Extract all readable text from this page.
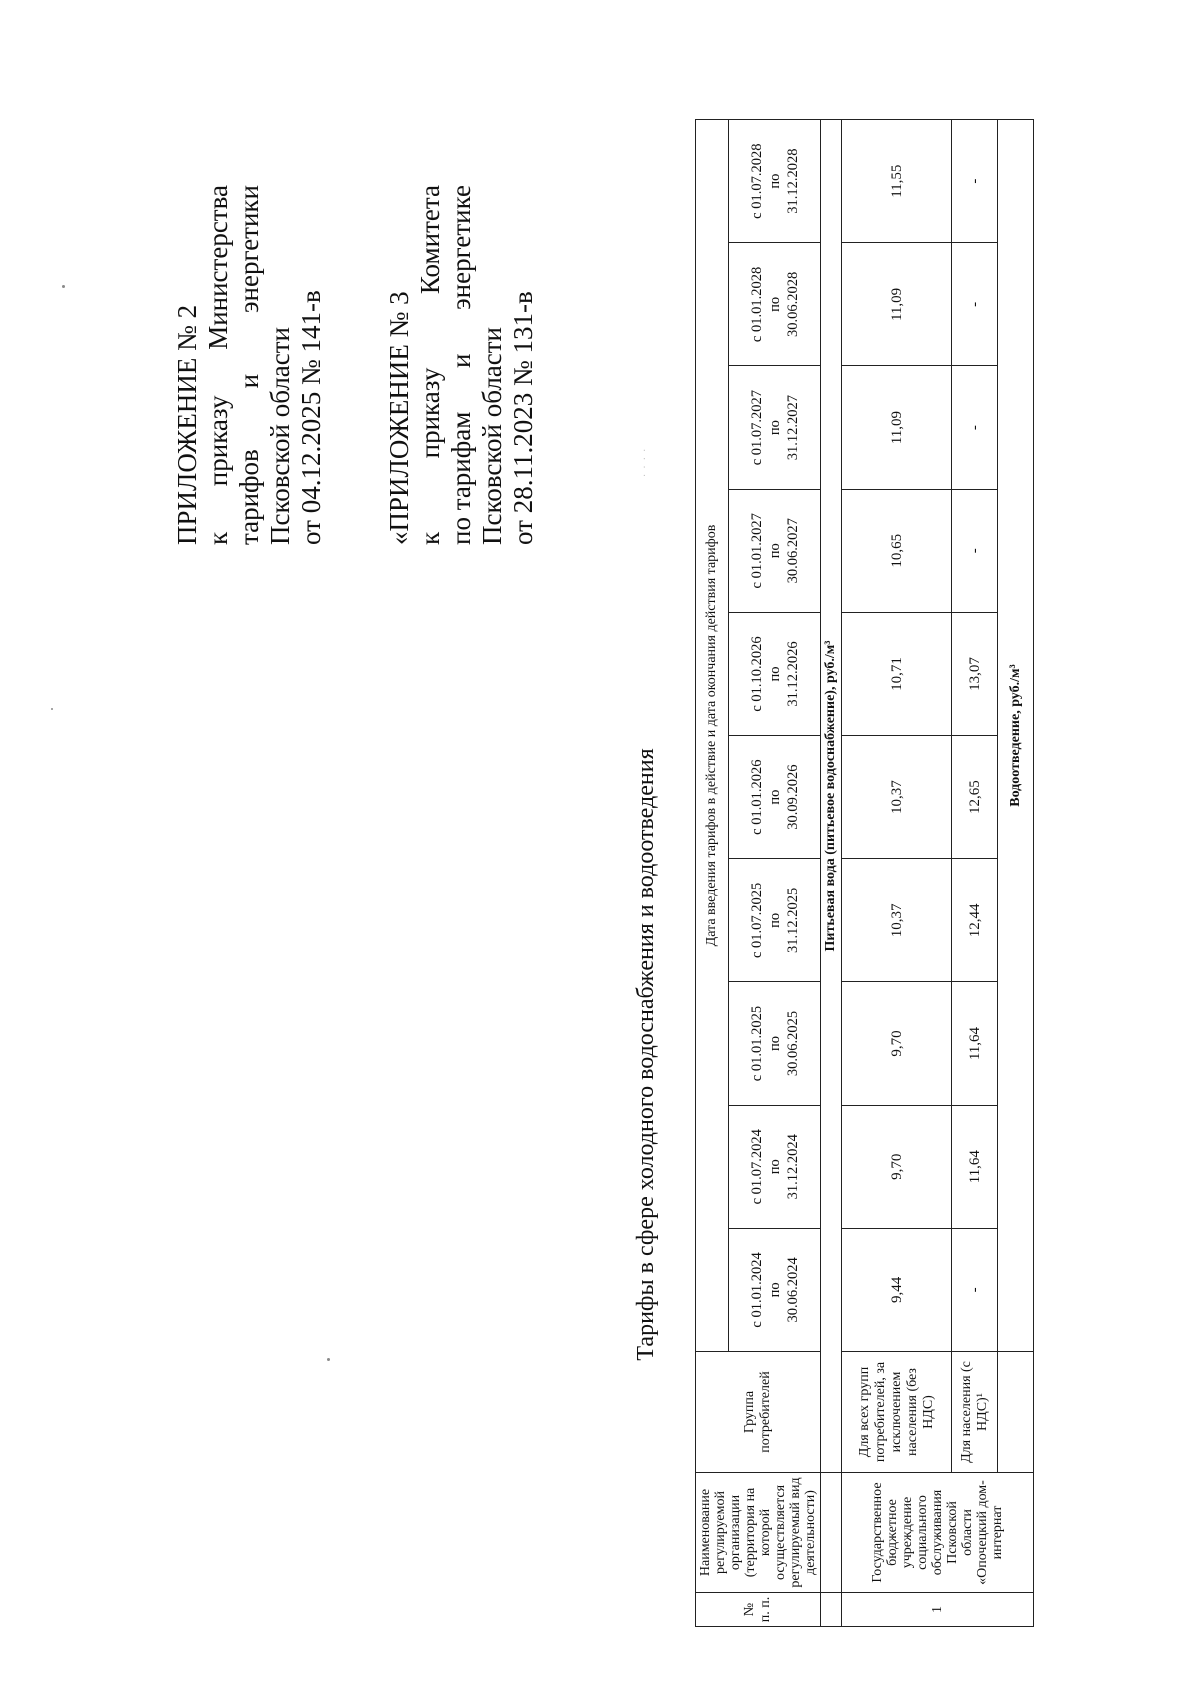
ПРИЛОЖЕНИЕ № 2 к
приказу
Министерства
тарифов
и
энергетики
Псковской области от 04.12.2025 № 141-в «ПРИЛОЖЕНИЕ № 3 к
приказу
Комитета
по тарифам
и
энергетике
Псковской области от 28.11.2023 № 131-в
Тарифы в сфере холодного водоснабжения и водоотведения
· · · ·
№ п. п.	Наименование регулируемой организации (территория на которой осуществляется регулируемый вид деятельности)	Группа потребителей	Дата введения тарифов в действие и дата окончания действия тарифов									
			с 01.01.2024 по 30.06.2024	с 01.07.2024 по 31.12.2024	с 01.01.2025 по 30.06.2025	с 01.07.2025 по 31.12.2025	с 01.01.2026 по 30.09.2026	с 01.10.2026 по 31.12.2026	с 01.01.2027 по 30.06.2027	с 01.07.2027 по 31.12.2027	с 01.01.2028 по 30.06.2028	с 01.07.2028 по 31.12.2028
		Питьевая вода (питьевое водоснабжение), руб./м³										
1	Государственное бюджетное учреждение социального обслуживания Псковской области «Опочецкий дом-интернат	Для всех групп потребителей, за исключением населения (без НДС)	9,44	9,70	9,70	10,37	10,37	10,71	10,65	11,09	11,09	11,55
		Для населения (с НДС)¹	-	11,64	11,64	12,44	12,65	13,07	-	-	-	-
			Водоотведение, руб./м³									
